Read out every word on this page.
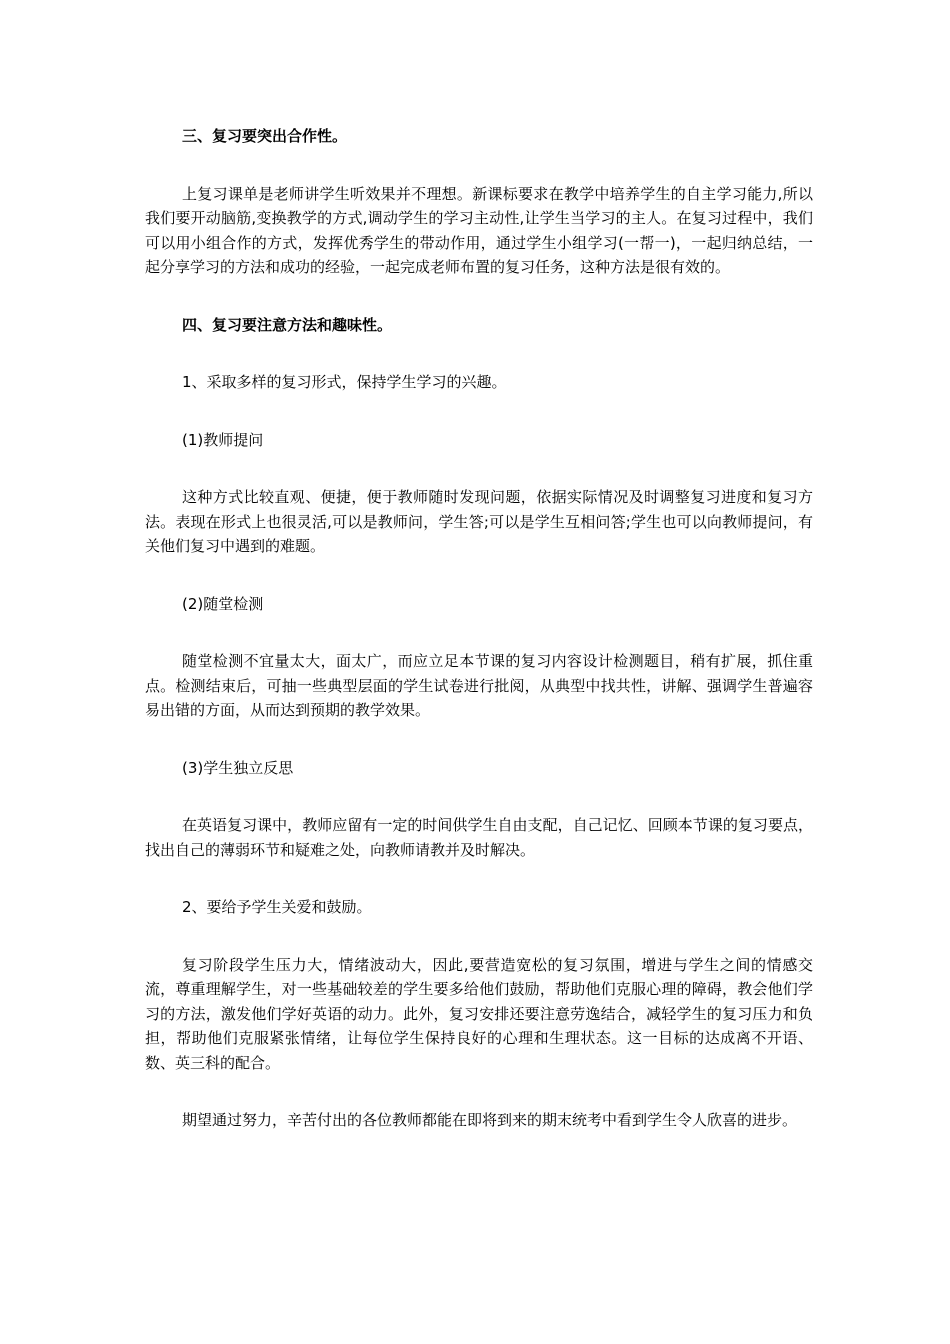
三、复习要突出合作性。

上复习课单是老师讲学生听效果并不理想。新课标要求在教学中培养学生的自主学习能力,所以我们要开动脑筋,变换教学的方式,调动学生的学习主动性,让学生当学习的主人。在复习过程中，我们可以用小组合作的方式，发挥优秀学生的带动作用，通过学生小组学习(一帮一)，一起归纳总结，一起分享学习的方法和成功的经验，一起完成老师布置的复习任务，这种方法是很有效的。

四、复习要注意方法和趣味性。

1、采取多样的复习形式，保持学生学习的兴趣。

(1)教师提问

这种方式比较直观、便捷，便于教师随时发现问题，依据实际情况及时调整复习进度和复习方法。表现在形式上也很灵活,可以是教师问，学生答;可以是学生互相问答;学生也可以向教师提问，有关他们复习中遇到的难题。

(2)随堂检测

随堂检测不宜量太大，面太广，而应立足本节课的复习内容设计检测题目，稍有扩展，抓住重点。检测结束后，可抽一些典型层面的学生试卷进行批阅，从典型中找共性，讲解、强调学生普遍容易出错的方面，从而达到预期的教学效果。

(3)学生独立反思

在英语复习课中，教师应留有一定的时间供学生自由支配，自己记忆、回顾本节课的复习要点，找出自己的薄弱环节和疑难之处，向教师请教并及时解决。

2、要给予学生关爱和鼓励。

复习阶段学生压力大，情绪波动大，因此,要营造宽松的复习氛围，增进与学生之间的情感交流，尊重理解学生，对一些基础较差的学生要多给他们鼓励，帮助他们克服心理的障碍，教会他们学习的方法，激发他们学好英语的动力。此外，复习安排还要注意劳逸结合，减轻学生的复习压力和负担，帮助他们克服紧张情绪，让每位学生保持良好的心理和生理状态。这一目标的达成离不开语、数、英三科的配合。

期望通过努力，辛苦付出的各位教师都能在即将到来的期末统考中看到学生令人欣喜的进步。
